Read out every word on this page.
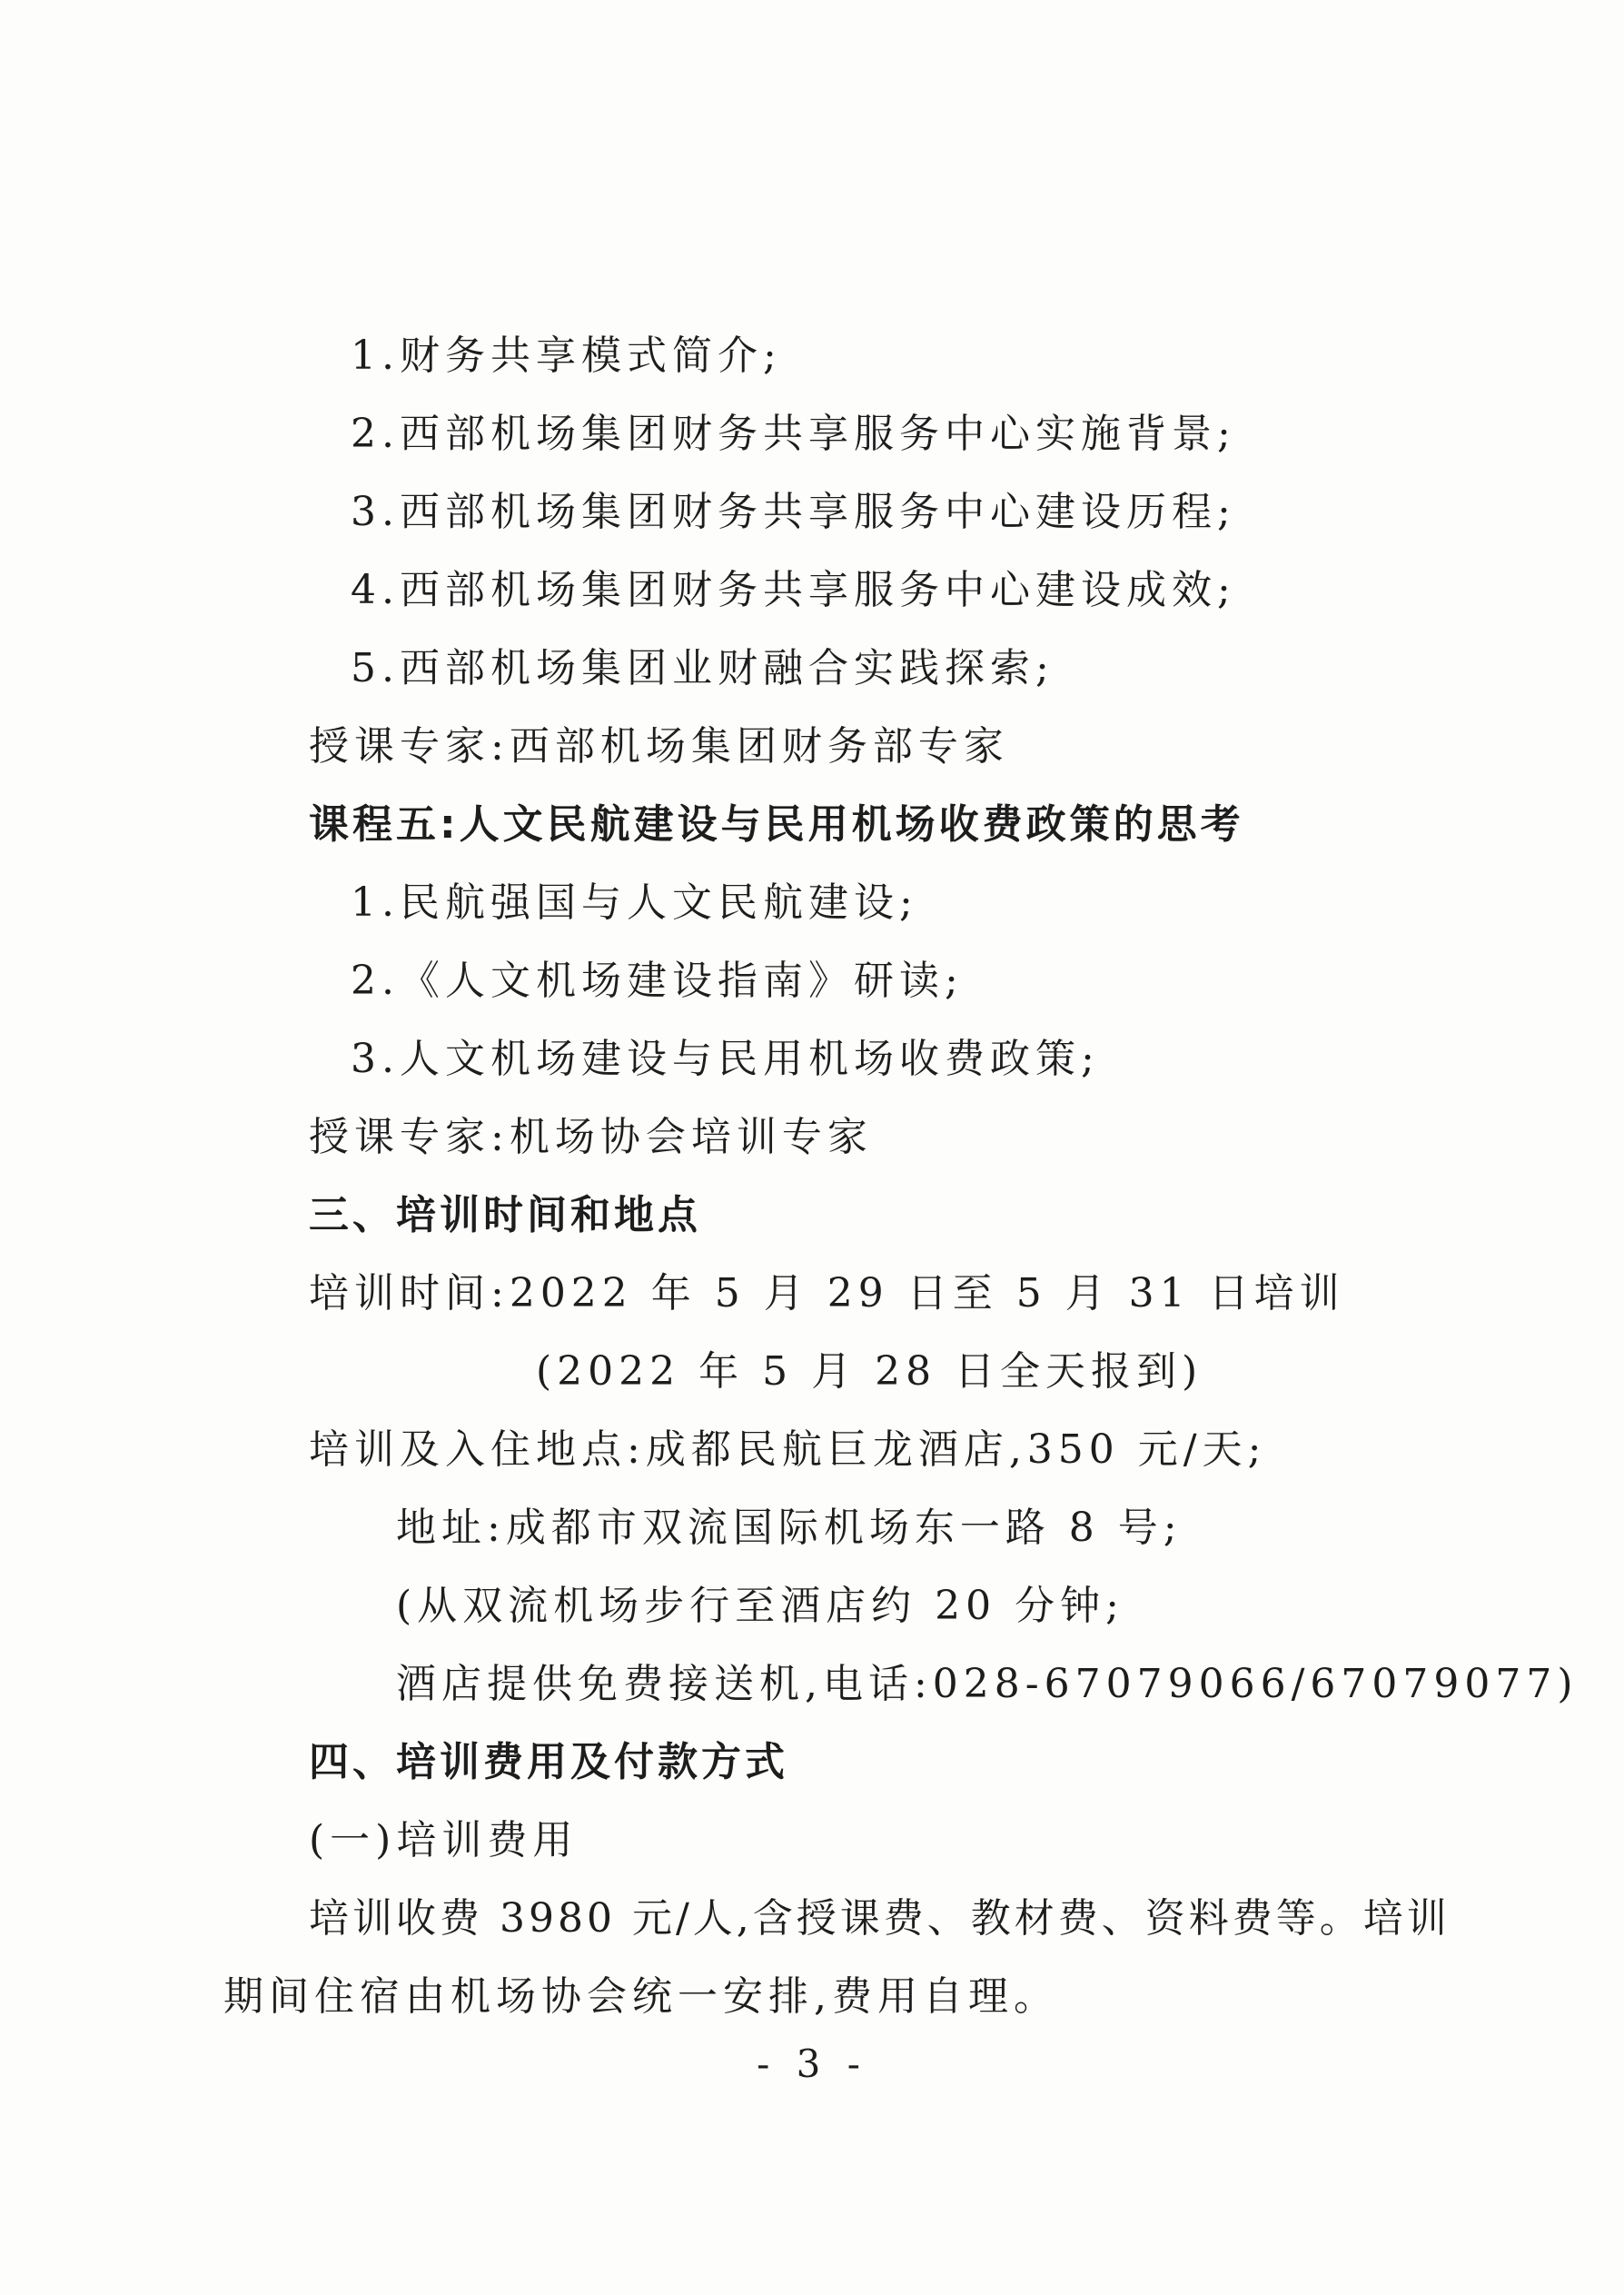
1.财务共享模式简介;
2.西部机场集团财务共享服务中心实施背景;
3.西部机场集团财务共享服务中心建设历程;
4.西部机场集团财务共享服务中心建设成效;
5.西部机场集团业财融合实践探索;
授课专家:西部机场集团财务部专家
课程五:人文民航建设与民用机场收费政策的思考
1.民航强国与人文民航建设;
2.《人文机场建设指南》研读;
3.人文机场建设与民用机场收费政策;
授课专家:机场协会培训专家
三、培训时间和地点
培训时间:2022 年 5 月 29 日至 5 月 31 日培训
(2022 年 5 月 28 日全天报到)
培训及入住地点:成都民航巨龙酒店,350 元/天;
地址:成都市双流国际机场东一路 8 号;
(从双流机场步行至酒店约 20 分钟;
酒店提供免费接送机,电话:028-67079066/67079077)
四、培训费用及付款方式
(一)培训费用
培训收费 3980 元/人,含授课费、教材费、资料费等。培训
期间住宿由机场协会统一安排,费用自理。
- 3 -
